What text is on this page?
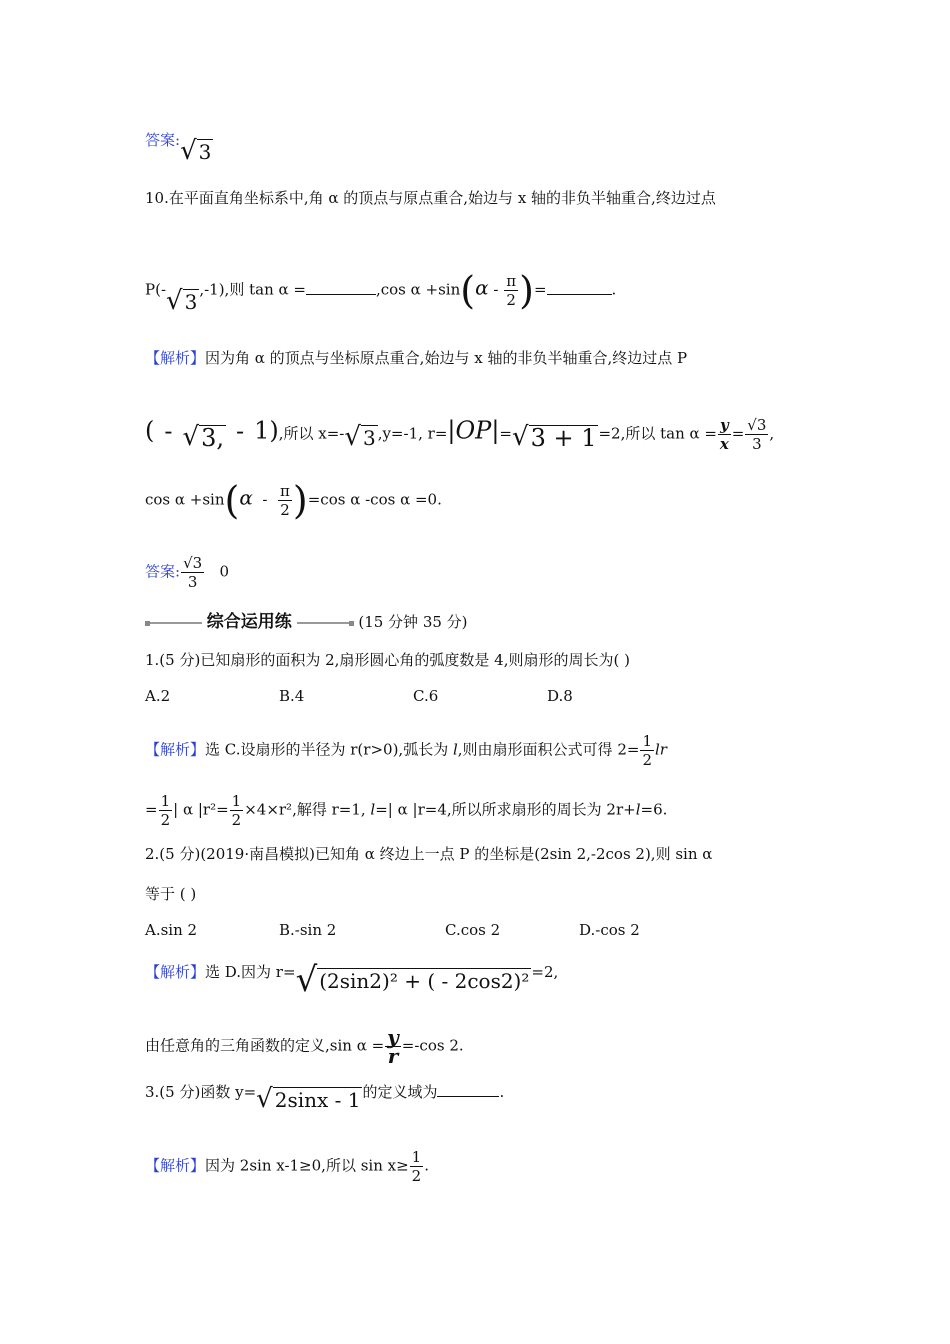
答案: √ 3
10.在平面直角坐标系中,角 α 的顶点与原点重合,始边与 x 轴的非负半轴重合,终边过点
P(- √ 3 ,-1),则 tan α =	,cos $\alpha +\sin(\alpha - \frac{\pi}{2}$ )=	.
【解析】因为角 α 的顶点与坐标原点重合,始边与 x 轴的非负半轴重合,终边过点 P
( - √ 3, - 1),所以 x=- √ 3 ,y=-1, r=|OP|= √ 3 + 1 =2,所以 $\tan \alpha = \frac{y}{x} = \frac{√3}{3}$ ,
$\cos \alpha +\sin(\alpha - \frac{\pi}{2} )=\cos$ α -cos α =0.
答案: $\frac{√3}{3} 0$
综合运用练	(15 分钟 35 分)
1.(5 分)已知扇形的面积为 2,扇形圆心角的弧度数是 4,则扇形的周长为( )
A.2	B.4	C.6	D.8
【解析】选 C.设扇形的半径为 r(r>0),弧长为 l,则由扇形面积公式可得 $2= \frac{1}{2}$ lr
= $\frac{1}{2}$ | α $|r^2= \frac{1}{2} \times 4\times r^2$,解得 r=1, l=| α |r=4,所以所求扇形的周长为 2r+l=6.
2.(5 分)(2019·南昌模拟)已知角 α 终边上一点 P 的坐标是(2sin 2,-2cos 2),则 sin α
等于 ( )
A.sin 2	B.-sin 2	C.cos 2	D.-cos 2
【解析】选 D.因为 r= √ (2sin2)² + ( - 2cos2)² =2,
由任意角的三角函数的定义,sin $\alpha = \frac{y}{r} =-\cos$ 2.
3.(5 分)函数 y= √ 2sinx - 1 的定义域为	.
【解析】因为 2sin x-1≥0,所以 $\sin x\ge \frac{1}{2}$ .
